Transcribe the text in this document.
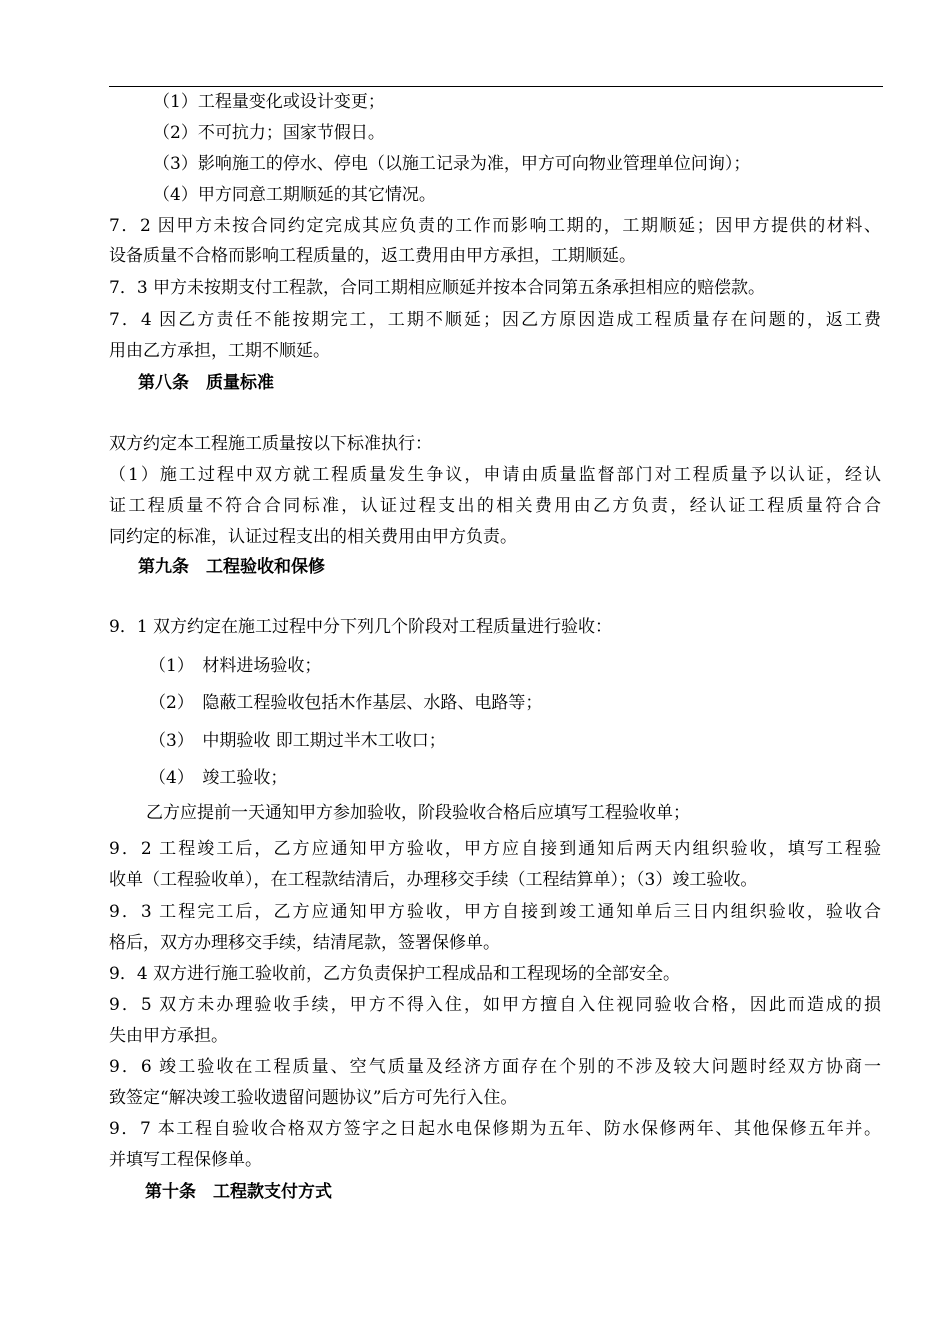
（1）工程量变化或设计变更；
（2）不可抗力；国家节假日。
（3）影响施工的停水、停电（以施工记录为准，甲方可向物业管理单位问询）；
（4）甲方同意工期顺延的其它情况。
7．2 因甲方未按合同约定完成其应负责的工作而影响工期的，工期顺延；因甲方提供的材料、
设备质量不合格而影响工程质量的，返工费用由甲方承担，工期顺延。
7．3 甲方未按期支付工程款，合同工期相应顺延并按本合同第五条承担相应的赔偿款。
7．4 因乙方责任不能按期完工，工期不顺延；因乙方原因造成工程质量存在问题的，返工费
用由乙方承担，工期不顺延。
第八条　质量标准
双方约定本工程施工质量按以下标准执行：
（1）施工过程中双方就工程质量发生争议，申请由质量监督部门对工程质量予以认证，经认
证工程质量不符合合同标准，认证过程支出的相关费用由乙方负责，经认证工程质量符合合
同约定的标准，认证过程支出的相关费用由甲方负责。
第九条　工程验收和保修
9．1 双方约定在施工过程中分下列几个阶段对工程质量进行验收：
（1）　材料进场验收；
（2）　隐蔽工程验收包括木作基层、水路、电路等；
（3）　中期验收 即工期过半木工收口；
（4）　竣工验收；
乙方应提前一天通知甲方参加验收，阶段验收合格后应填写工程验收单；
9．2 工程竣工后，乙方应通知甲方验收，甲方应自接到通知后两天内组织验收，填写工程验
收单（工程验收单），在工程款结清后，办理移交手续（工程结算单）；（3）竣工验收。
9．3 工程完工后，乙方应通知甲方验收，甲方自接到竣工通知单后三日内组织验收，验收合
格后，双方办理移交手续，结清尾款，签署保修单。
9．4 双方进行施工验收前，乙方负责保护工程成品和工程现场的全部安全。
9．5 双方未办理验收手续，甲方不得入住，如甲方擅自入住视同验收合格，因此而造成的损
失由甲方承担。
9．6 竣工验收在工程质量、空气质量及经济方面存在个别的不涉及较大问题时经双方协商一
致签定“解决竣工验收遗留问题协议”后方可先行入住。
9．7 本工程自验收合格双方签字之日起水电保修期为五年、防水保修两年、其他保修五年并。
并填写工程保修单。
第十条　工程款支付方式
